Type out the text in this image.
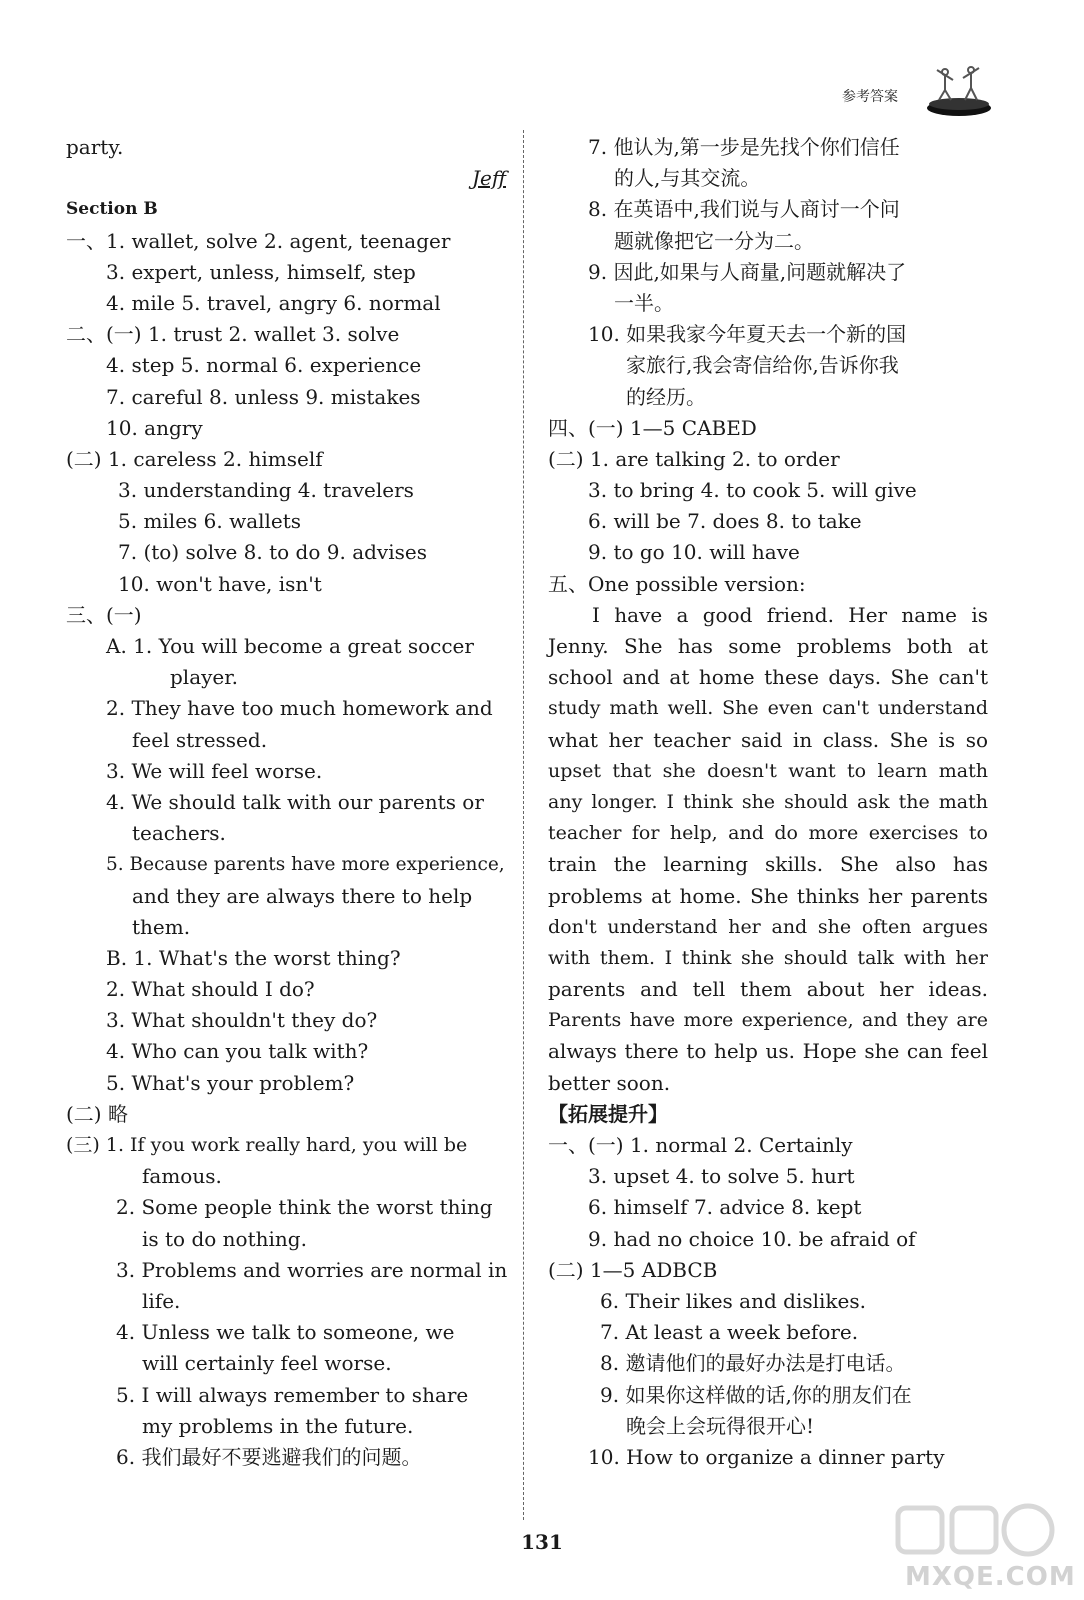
参考答案
party.
Jeff
Section B
一、1. wallet, solve 2. agent, teenager
3. expert, unless, himself, step
4. mile 5. travel, angry 6. normal
二、(一) 1. trust 2. wallet 3. solve
4. step 5. normal 6. experience
7. careful 8. unless 9. mistakes
10. angry
(二) 1. careless 2. himself
3. understanding 4. travelers
5. miles 6. wallets
7. (to) solve 8. to do 9. advises
10. won't have, isn't
三、(一)
A. 1. You will become a great soccer
player.
2. They have too much homework and
feel stressed.
3. We will feel worse.
4. We should talk with our parents or
teachers.
5. Because parents have more experience,
and they are always there to help
them.
B. 1. What's the worst thing?
2. What should I do?
3. What shouldn't they do?
4. Who can you talk with?
5. What's your problem?
(二) 略
(三) 1. If you work really hard, you will be
famous.
2. Some people think the worst thing
is to do nothing.
3. Problems and worries are normal in
life.
4. Unless we talk to someone, we
will certainly feel worse.
5. I will always remember to share
my problems in the future.
6. 我们最好不要逃避我们的问题。
7. 他认为,第一步是先找个你们信任
的人,与其交流。
8. 在英语中,我们说与人商讨一个问
题就像把它一分为二。
9. 因此,如果与人商量,问题就解决了
一半。
10. 如果我家今年夏天去一个新的国
家旅行,我会寄信给你,告诉你我
的经历。
四、(一) 1—5 CABED
(二) 1. are talking 2. to order
3. to bring 4. to cook 5. will give
6. will be 7. does 8. to take
9. to go 10. will have
五、One possible version:
I have a good friend. Her name is
Jenny. She has some problems both at
school and at home these days. She can't
study math well. She even can't understand
what her teacher said in class. She is so
upset that she doesn't want to learn math
any longer. I think she should ask the math
teacher for help, and do more exercises to
train the learning skills. She also has
problems at home. She thinks her parents
don't understand her and she often argues
with them. I think she should talk with her
parents and tell them about her ideas.
Parents have more experience, and they are
always there to help us. Hope she can feel
better soon.
【拓展提升】
一、(一) 1. normal 2. Certainly
3. upset 4. to solve 5. hurt
6. himself 7. advice 8. kept
9. had no choice 10. be afraid of
(二) 1—5 ADBCB
6. Their likes and dislikes.
7. At least a week before.
8. 邀请他们的最好办法是打电话。
9. 如果你这样做的话,你的朋友们在
晚会上会玩得很开心!
10. How to organize a dinner party
131
MXQE.COM
